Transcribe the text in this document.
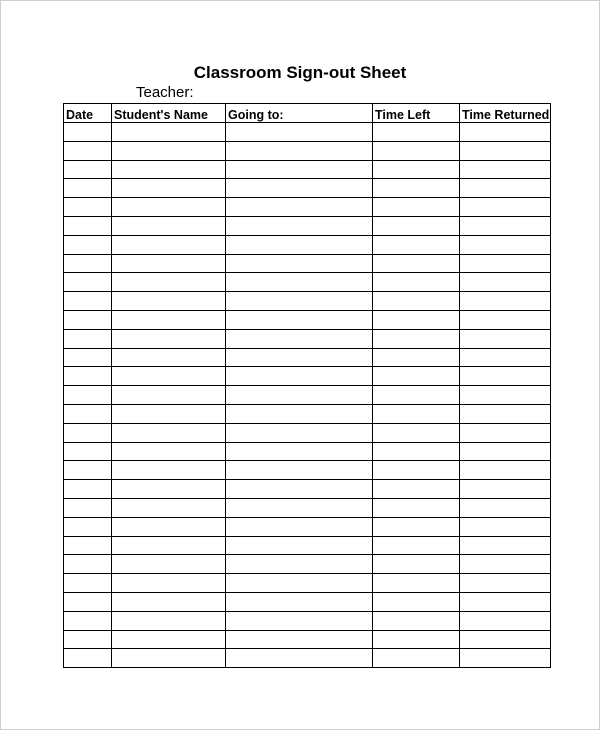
Classroom Sign-out Sheet
Teacher:
Date	Student's Name	Going to:	Time Left	Time Returned
